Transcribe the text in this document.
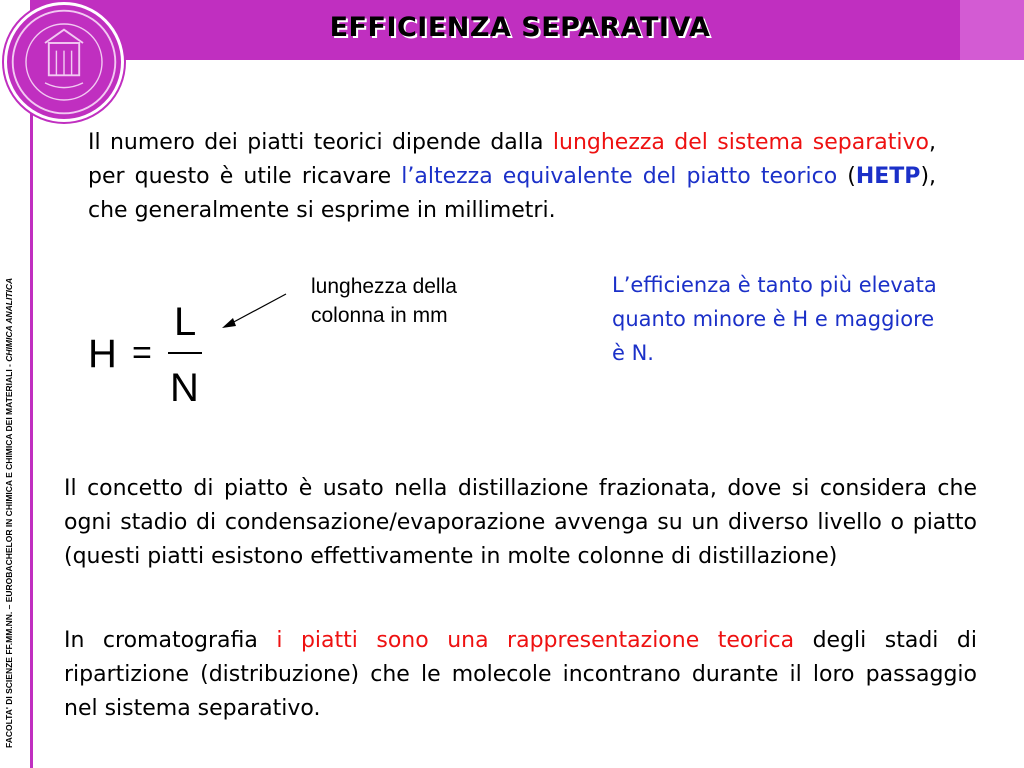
EFFICIENZA SEPARATIVA
FACOLTA' DI SCIENZE FF.MM.NN. – EUROBACHELOR IN CHIMICA E CHIMICA DEI MATERIALI - CHIMICA ANALITICA

Il numero dei piatti teorici dipende dalla lunghezza del sistema separativo, per questo è utile ricavare l’altezza equivalente del piatto teorico (HETP), che generalmente si esprime in millimetri.

H =
L
N

lunghezza della colonna in mm

L’efficienza è tanto più elevata quanto minore è H e maggiore è N.

Il concetto di piatto è usato nella distillazione frazionata, dove si considera che ogni stadio di condensazione/evaporazione avvenga su un diverso livello o piatto (questi piatti esistono effettivamente in molte colonne di distillazione)

In cromatografia i piatti sono una rappresentazione teorica degli stadi di ripartizione (distribuzione) che le molecole incontrano durante il loro passaggio nel sistema separativo.
